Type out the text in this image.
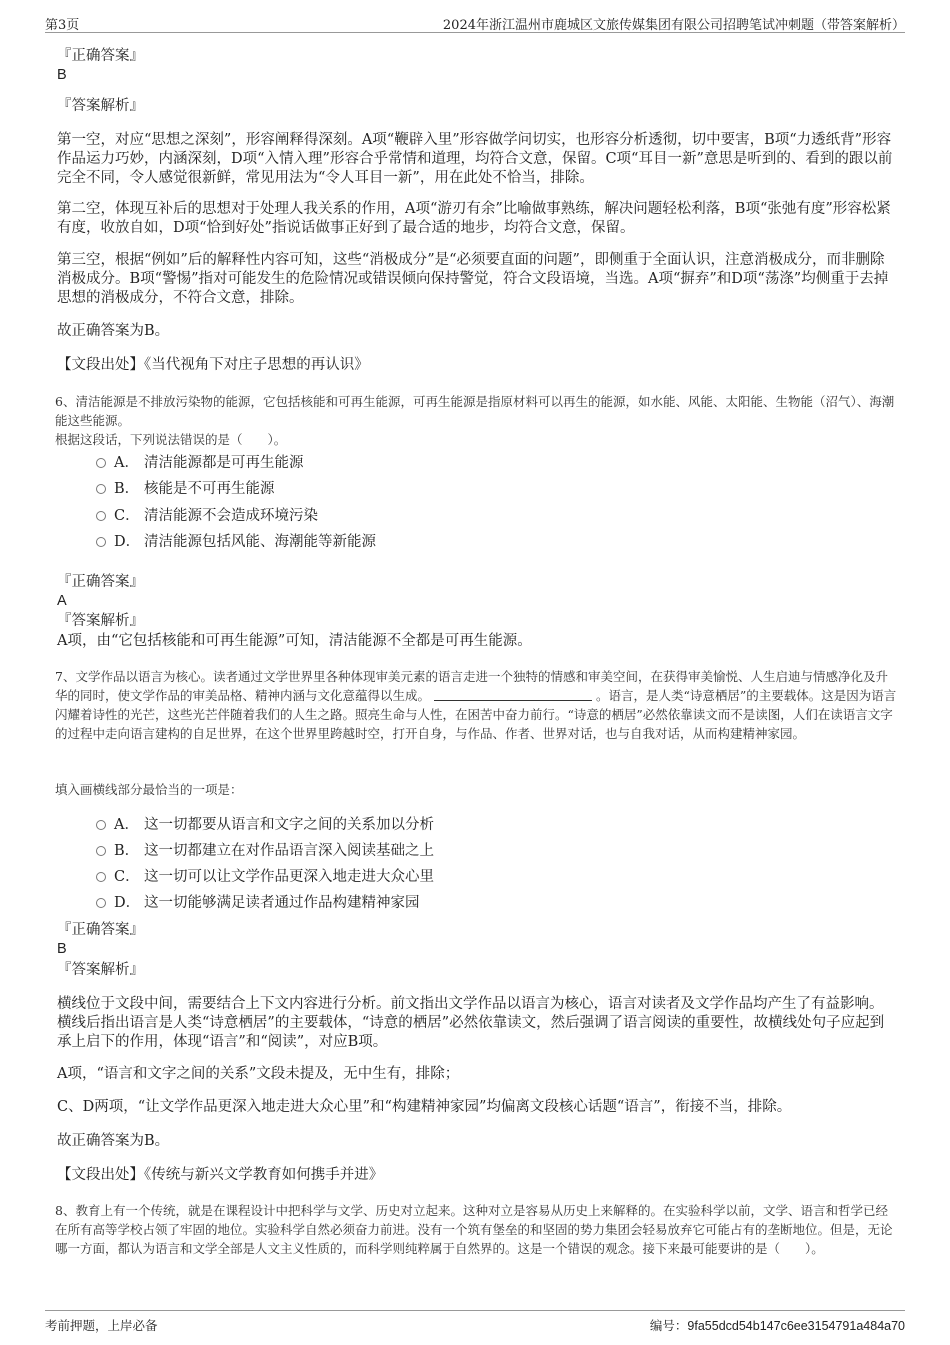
第3页	2024年浙江温州市鹿城区文旅传媒集团有限公司招聘笔试冲刺题（带答案解析）
『正确答案』
B
『答案解析』
第一空，对应“思想之深刻”，形容阐释得深刻。A项“鞭辟入里”形容做学问切实，也形容分析透彻，切中要害，B项“力透纸背”形容作品运力巧妙，内涵深刻，D项“入情入理”形容合乎常情和道理，均符合文意，保留。C项“耳目一新”意思是听到的、看到的跟以前完全不同，令人感觉很新鲜，常见用法为“令人耳目一新”，用在此处不恰当，排除。
第二空，体现互补后的思想对于处理人我关系的作用，A项“游刃有余”比喻做事熟练，解决问题轻松利落，B项“张弛有度”形容松紧有度，收放自如，D项“恰到好处”指说话做事正好到了最合适的地步，均符合文意，保留。
第三空，根据“例如”后的解释性内容可知，这些“消极成分”是“必须要直面的问题”，即侧重于全面认识，注意消极成分，而非删除消极成分。B项“警惕”指对可能发生的危险情况或错误倾向保持警觉，符合文段语境，当选。A项“摒弃”和D项“荡涤”均侧重于去掉思想的消极成分，不符合文意，排除。
故正确答案为B。
【文段出处】《当代视角下对庄子思想的再认识》
6、清洁能源是不排放污染物的能源，它包括核能和可再生能源，可再生能源是指原材料可以再生的能源，如水能、风能、太阳能、生物能（沼气）、海潮能这些能源。
根据这段话，下列说法错误的是（　　）。
A． 清洁能源都是可再生能源
B． 核能是不可再生能源
C． 清洁能源不会造成环境污染
D． 清洁能源包括风能、海潮能等新能源
『正确答案』
A
『答案解析』
A项，由“它包括核能和可再生能源”可知，清洁能源不全都是可再生能源。
7、文学作品以语言为核心。读者通过文学世界里各种体现审美元素的语言走进一个独特的情感和审美空间，在获得审美愉悦、人生启迪与情感净化及升华的同时，使文学作品的审美品格、精神内涵与文化意蕴得以生成。	。语言，是人类“诗意栖居”的主要载体。这是因为语言闪耀着诗性的光芒，这些光芒伴随着我们的人生之路。照亮生命与人性，在困苦中奋力前行。“诗意的栖居”必然依靠读文而不是读图，人们在读语言文字的过程中走向语言建构的自足世界，在这个世界里跨越时空，打开自身，与作品、作者、世界对话，也与自我对话，从而构建精神家园。
填入画横线部分最恰当的一项是：
A． 这一切都要从语言和文字之间的关系加以分析
B． 这一切都建立在对作品语言深入阅读基础之上
C． 这一切可以让文学作品更深入地走进大众心里
D． 这一切能够满足读者通过作品构建精神家园
『正确答案』
B
『答案解析』
横线位于文段中间，需要结合上下文内容进行分析。前文指出文学作品以语言为核心，语言对读者及文学作品均产生了有益影响。横线后指出语言是人类“诗意栖居”的主要载体，“诗意的栖居”必然依靠读文，然后强调了语言阅读的重要性，故横线处句子应起到承上启下的作用，体现“语言”和“阅读”，对应B项。
A项，“语言和文字之间的关系”文段未提及，无中生有，排除；
C、D两项，“让文学作品更深入地走进大众心里”和“构建精神家园”均偏离文段核心话题“语言”，衔接不当，排除。
故正确答案为B。
【文段出处】《传统与新兴文学教育如何携手并进》
8、教育上有一个传统，就是在课程设计中把科学与文学、历史对立起来。这种对立是容易从历史上来解释的。在实验科学以前，文学、语言和哲学已经在所有高等学校占领了牢固的地位。实验科学自然必须奋力前进。没有一个筑有堡垒的和坚固的势力集团会轻易放弃它可能占有的垄断地位。但是，无论哪一方面，都认为语言和文学全部是人文主义性质的，而科学则纯粹属于自然界的。这是一个错误的观念。接下来最可能要讲的是（　　）。
考前押题，上岸必备	编号：9fa55dcd54b147c6ee3154791a484a70
